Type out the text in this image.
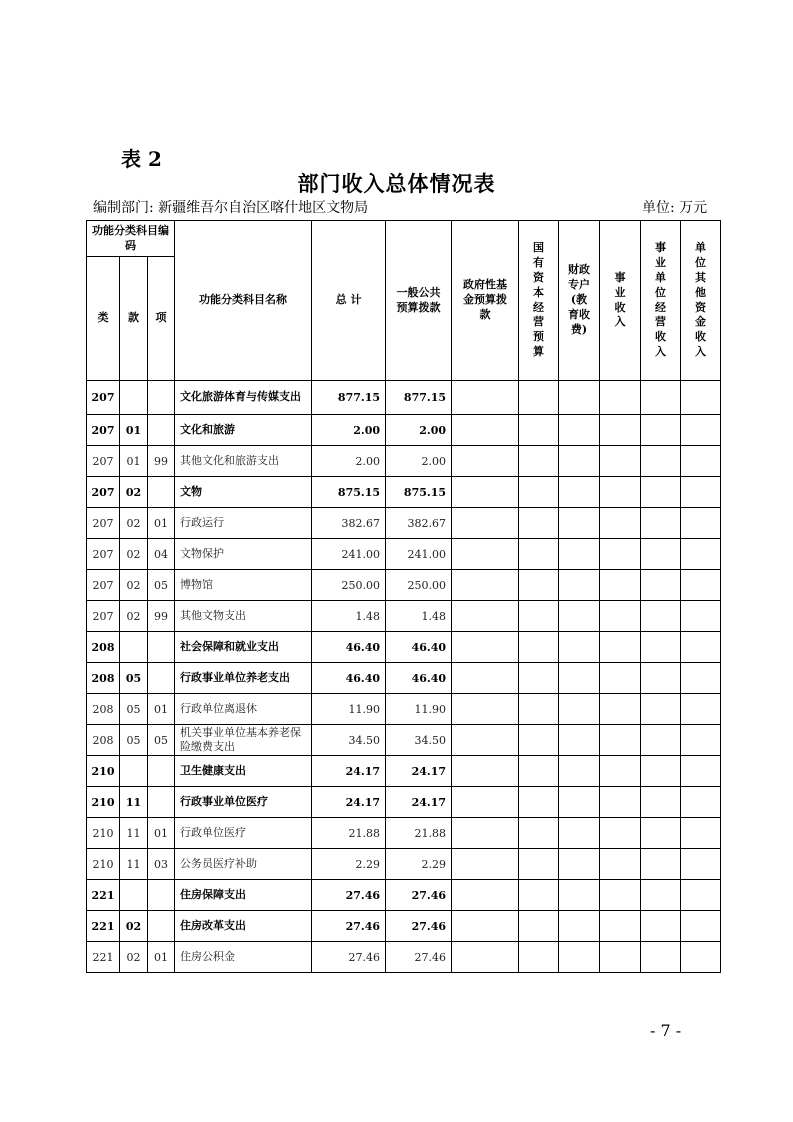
表 2
部门收入总体情况表
编制部门: 新疆维吾尔自治区喀什地区文物局	单位: 万元
功能分类科目编码			功能分类科目名称	总 计	一般公共预算拨款	政府性基金预算拨款	国有资本经营预算	财政专户(教育收费)	事业收入	事业单位经营收入	单位其他资金收入

类	款	项									
207			文化旅游体育与传媒支出	877.15	877.15						
207	01		文化和旅游	2.00	2.00						
207	01	99	其他文化和旅游支出	2.00	2.00						
207	02		文物	875.15	875.15						
207	02	01	行政运行	382.67	382.67						
207	02	04	文物保护	241.00	241.00						
207	02	05	博物馆	250.00	250.00						
207	02	99	其他文物支出	1.48	1.48						
208			社会保障和就业支出	46.40	46.40						
208	05		行政事业单位养老支出	46.40	46.40						
208	05	01	行政单位离退休	11.90	11.90						
208	05	05	机关事业单位基本养老保险缴费支出	34.50	34.50						
210			卫生健康支出	24.17	24.17						
210	11		行政事业单位医疗	24.17	24.17						
210	11	01	行政单位医疗	21.88	21.88						
210	11	03	公务员医疗补助	2.29	2.29						
221			住房保障支出	27.46	27.46						
221	02		住房改革支出	27.46	27.46						
221	02	01	住房公积金	27.46	27.46						
- 7 -
